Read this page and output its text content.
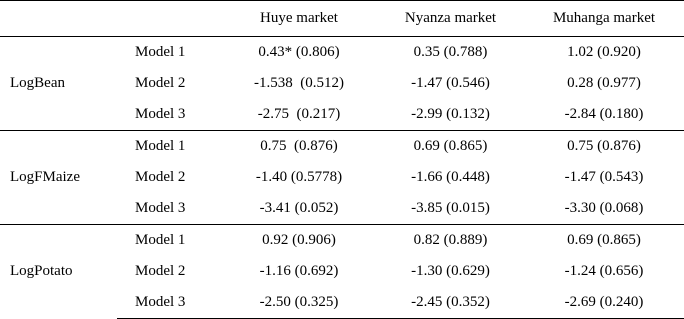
		Huye market	Nyanza market	Muhanga market
LogBean	Model 1	0.43* (0.806)	0.35 (0.788)	1.02 (0.920)
	Model 2	-1.538  (0.512)	-1.47 (0.546)	0.28 (0.977)
	Model 3	-2.75  (0.217)	-2.99 (0.132)	-2.84 (0.180)
LogFMaize	Model 1	0.75  (0.876)	0.69 (0.865)	0.75 (0.876)
	Model 2	-1.40 (0.5778)	-1.66 (0.448)	-1.47 (0.543)
	Model 3	-3.41 (0.052)	-3.85 (0.015)	-3.30 (0.068)
LogPotato	Model 1	0.92 (0.906)	0.82 (0.889)	0.69 (0.865)
	Model 2	-1.16 (0.692)	-1.30 (0.629)	-1.24 (0.656)
	Model 3	-2.50 (0.325)	-2.45 (0.352)	-2.69 (0.240)
